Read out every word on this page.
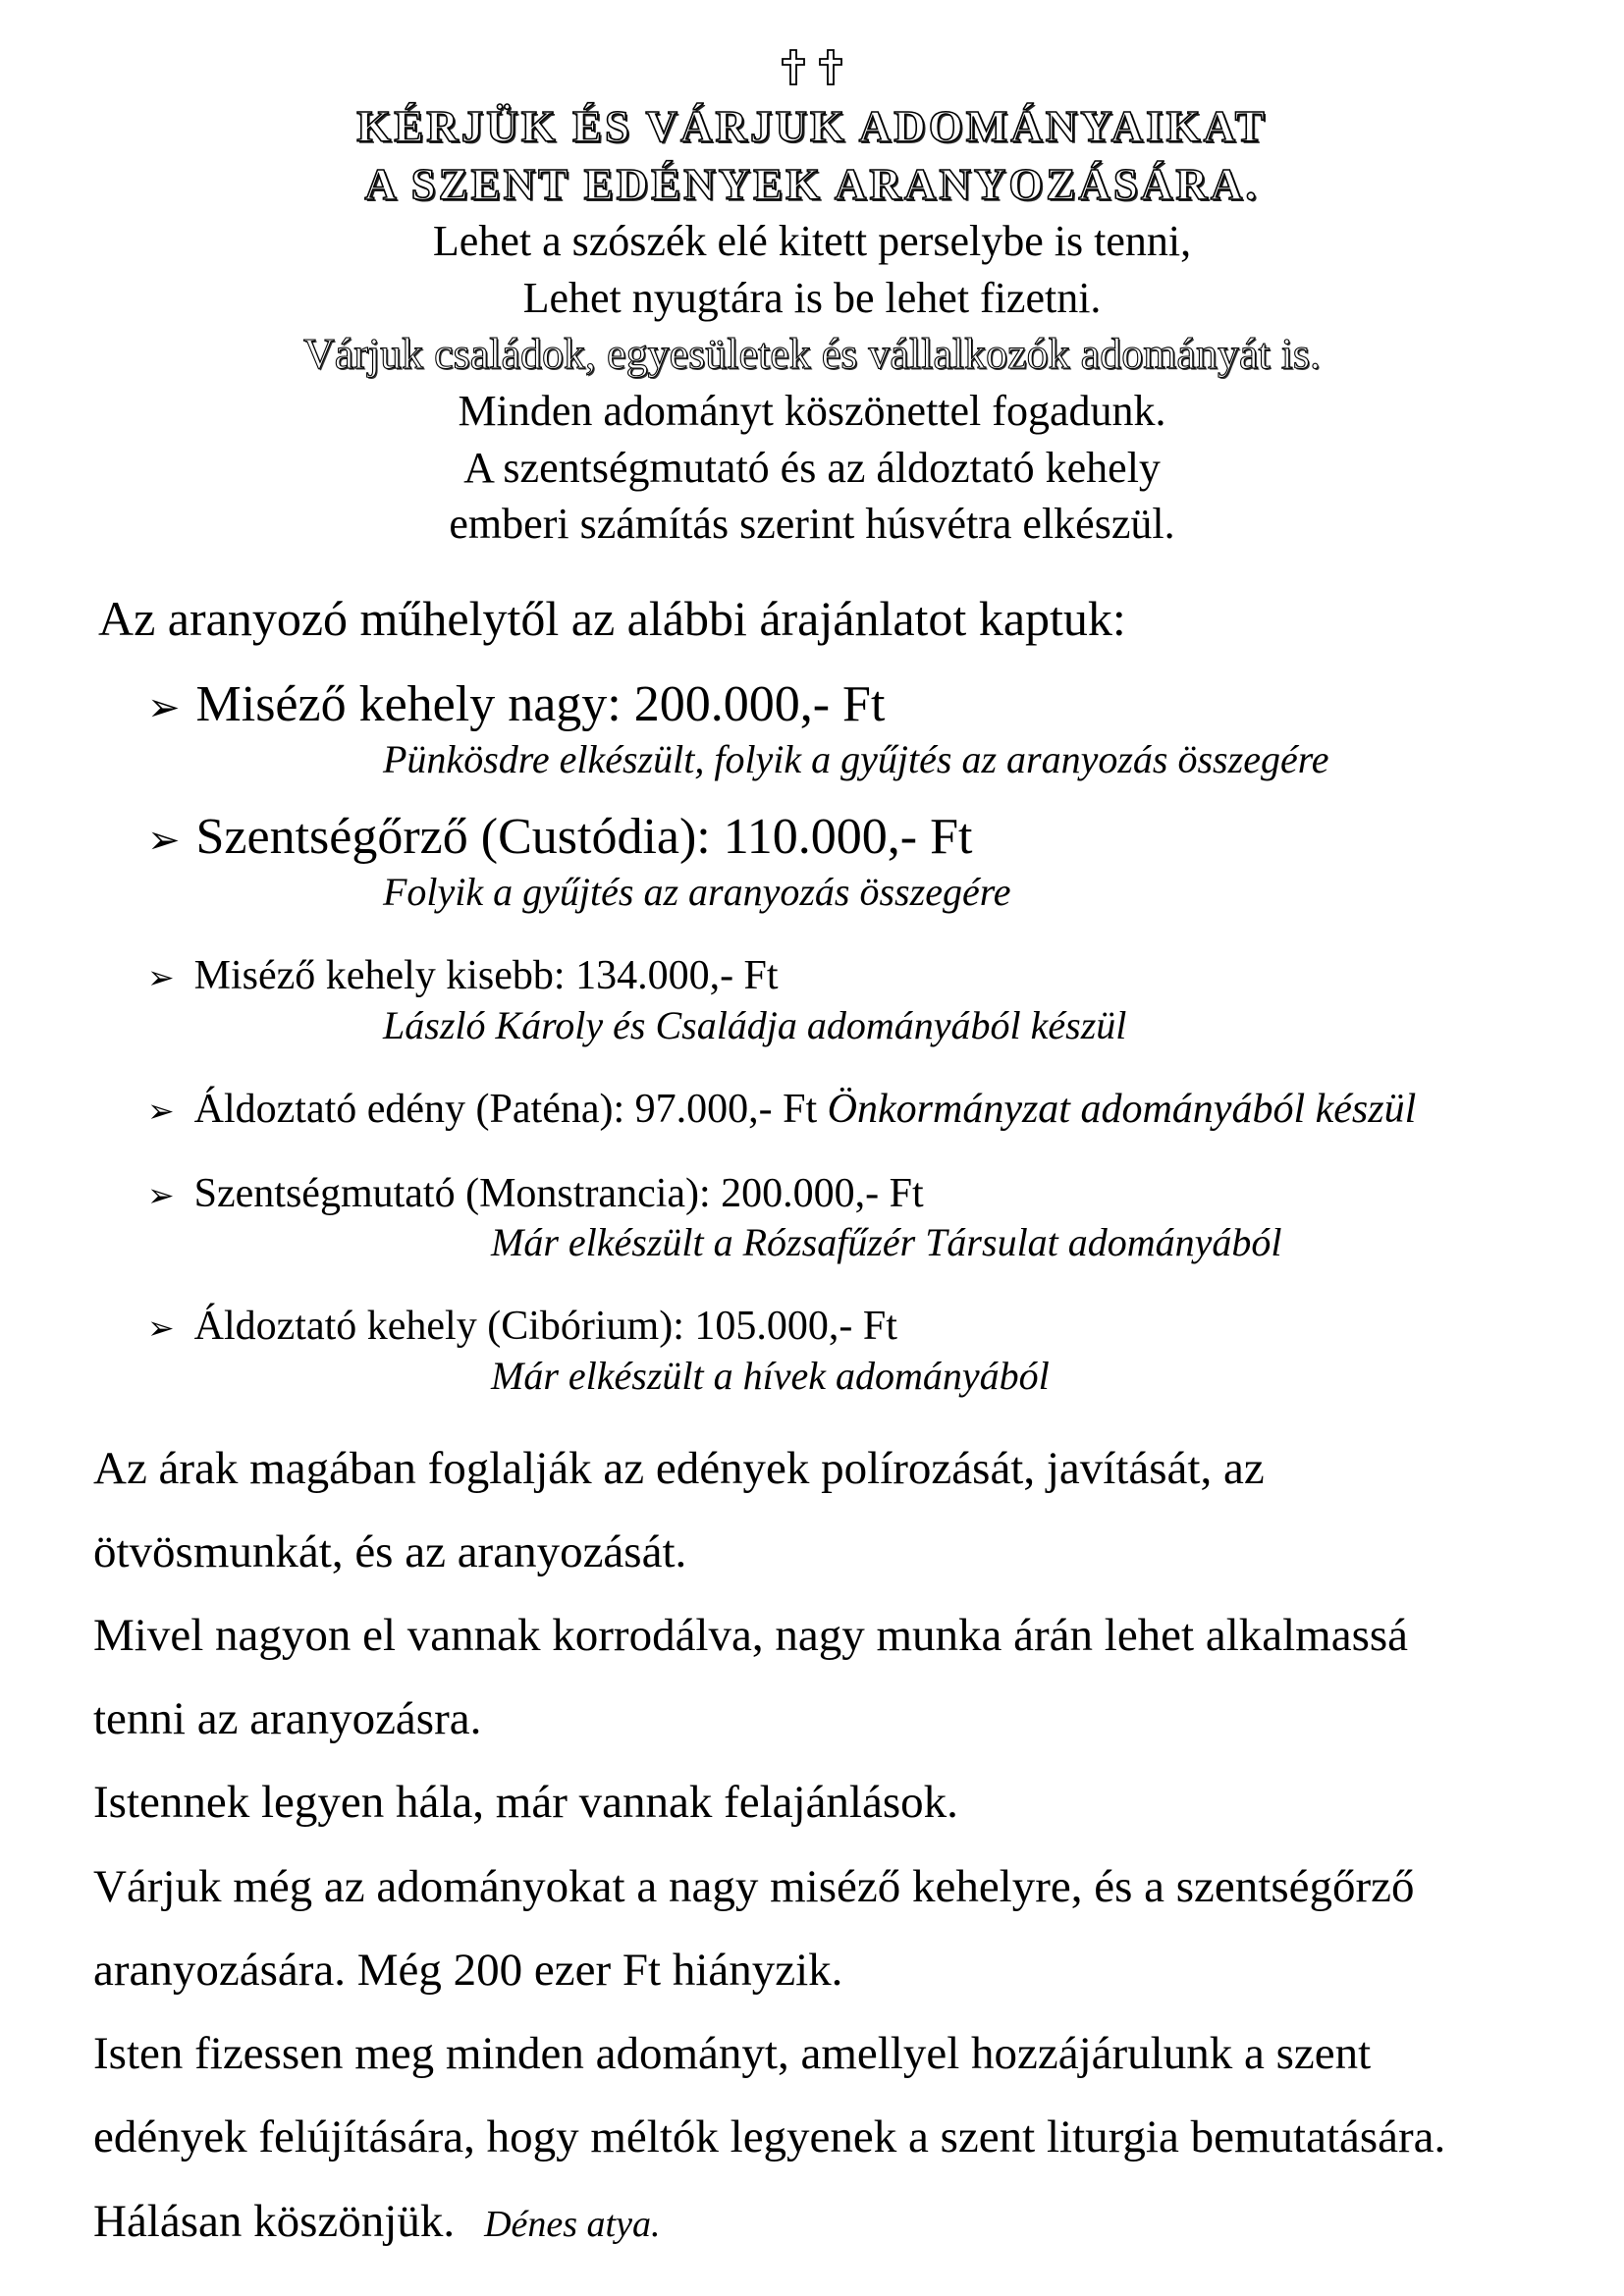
KÉRJÜK ÉS VÁRJUK ADOMÁNYAIKAT
A SZENT EDÉNYEK ARANYOZÁSÁRA.

Lehet a szószék elé kitett perselybe is tenni,

Lehet nyugtára is be lehet fizetni.

Várjuk családok, egyesületek és vállalkozók adományát is.

Minden adományt köszönettel fogadunk.

A szentségmutató és az áldoztató kehely

emberi számítás szerint húsvétra elkészül.

Az aranyozó műhelytől az alábbi árajánlatot kaptuk:

➢ Miséző kehely nagy: 200.000,- Ft
Pünkösdre elkészült, folyik a gyűjtés az aranyozás összegére
➢ Szentségőrző (Custódia): 110.000,- Ft
Folyik a gyűjtés az aranyozás összegére
➢ Miséző kehely kisebb: 134.000,- Ft
László Károly és Családja adományából készül
➢ Áldoztató edény (Paténa): 97.000,- Ft Önkormányzat adományából készül
➢ Szentségmutató (Monstrancia): 200.000,- Ft
Már elkészült a Rózsafűzér Társulat adományából
➢ Áldoztató kehely (Cibórium): 105.000,- Ft
Már elkészült a hívek adományából

Az árak magában foglalják az edények polírozását, javítását, az

ötvösmunkát, és az aranyozását.

Mivel nagyon el vannak korrodálva, nagy munka árán lehet alkalmassá

tenni az aranyozásra.

Istennek legyen hála, már vannak felajánlások.

Várjuk még az adományokat a nagy miséző kehelyre, és a szentségőrző

aranyozására. Még 200 ezer Ft hiányzik.

Isten fizessen meg minden adományt, amellyel hozzájárulunk a szent

edények felújítására, hogy méltók legyenek a szent liturgia bemutatására.

Hálásan köszönjük. Dénes atya.
